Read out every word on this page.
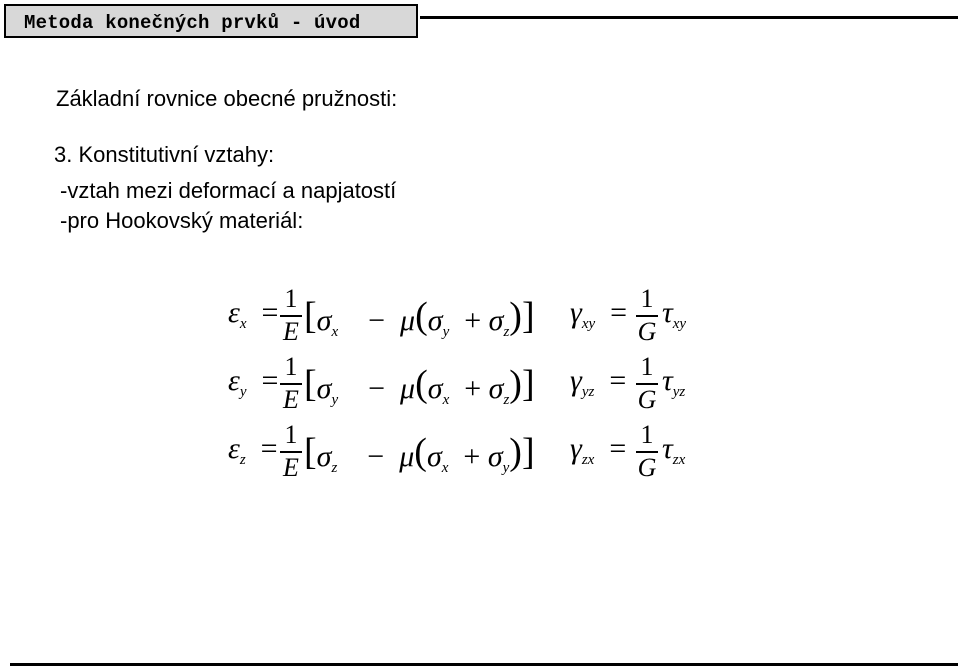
Metoda konečných prvků - úvod
Základní rovnice obecné pružnosti:
3. Konstitutivní vztahy:
-vztah mezi deformací a napjatostí
-pro Hookovský materiál:
$\varepsilon_x$ = 1
E [$\sigma_x$ − $\mu(\sigma_y$ + $\sigma_z$)]
$\varepsilon_y$ = 1
E [$\sigma_y$ − $\mu(\sigma_x$ + $\sigma_z$)]
$\varepsilon_z$ = 1
E [$\sigma_z$ − $\mu(\sigma_x$ + $\sigma_y$)]
$\gamma_{xy}$ = 1
G
$\tau_{xy}$
$\gamma_{yz}$ = 1
G
$\tau_{yz}$
$\gamma_{zx}$ = 1
G
$\tau_{zx}$
